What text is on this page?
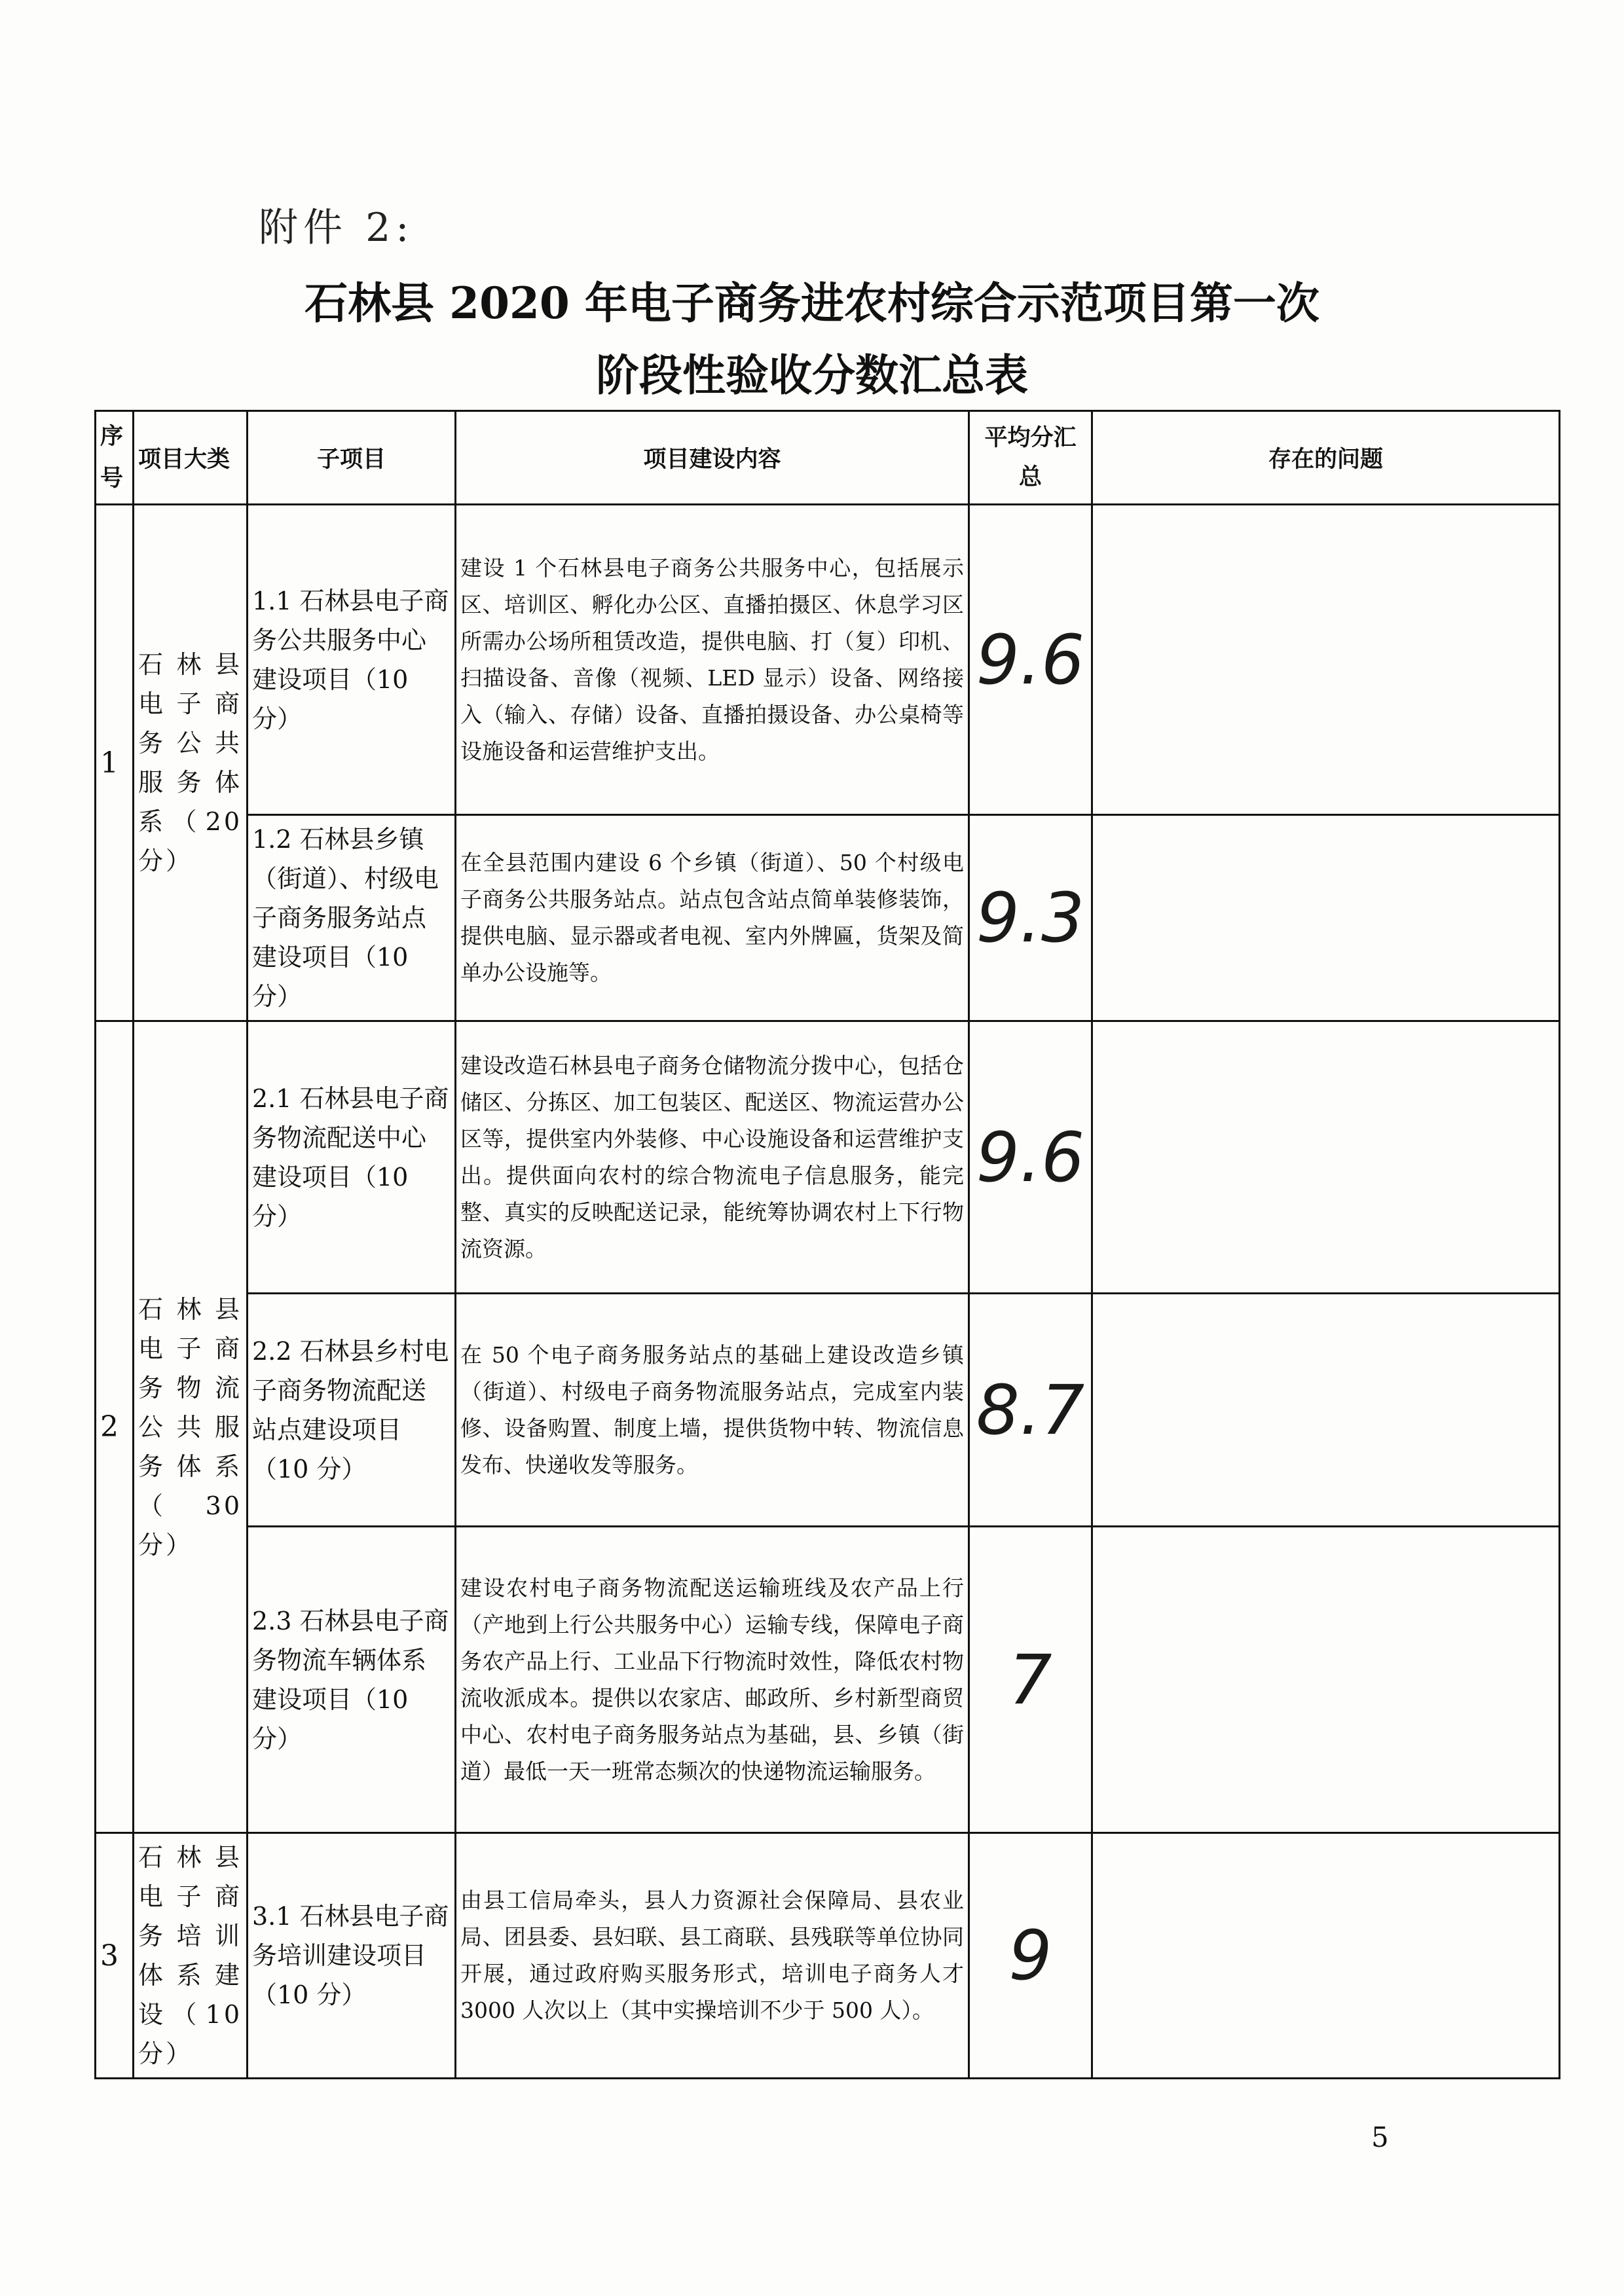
附件 2:
石林县 2020 年电子商务进农村综合示范项目第一次
阶段性验收分数汇总表
序号	项目大类	子项目	项目建设内容	平均分汇总	存在的问题
1	石林县电子商务公共服务体系（20分）	1.1 石林县电子商务公共服务中心建设项目（10 分）	建设 1 个石林县电子商务公共服务中心，包括展示区、培训区、孵化办公区、直播拍摄区、休息学习区所需办公场所租赁改造，提供电脑、打（复）印机、扫描设备、音像（视频、LED 显示）设备、网络接入（输入、存储）设备、直播拍摄设备、办公桌椅等设施设备和运营维护支出。	9.6	
		1.2 石林县乡镇（街道）、村级电子商务服务站点建设项目（10 分）	在全县范围内建设 6 个乡镇（街道）、50 个村级电子商务公共服务站点。站点包含站点简单装修装饰，提供电脑、显示器或者电视、室内外牌匾，货架及简单办公设施等。	9.3	
2	石林县电子商务物流公共服务体系（30分）	2.1 石林县电子商务物流配送中心建设项目（10 分）	建设改造石林县电子商务仓储物流分拨中心，包括仓储区、分拣区、加工包装区、配送区、物流运营办公区等，提供室内外装修、中心设施设备和运营维护支出。提供面向农村的综合物流电子信息服务，能完整、真实的反映配送记录，能统筹协调农村上下行物流资源。	9.6	
		2.2 石林县乡村电子商务物流配送站点建设项目（10 分）	在 50 个电子商务服务站点的基础上建设改造乡镇（街道）、村级电子商务物流服务站点，完成室内装修、设备购置、制度上墙，提供货物中转、物流信息发布、快递收发等服务。	8.7	
		2.3 石林县电子商务物流车辆体系建设项目（10 分）	建设农村电子商务物流配送运输班线及农产品上行（产地到上行公共服务中心）运输专线，保障电子商务农产品上行、工业品下行物流时效性，降低农村物流收派成本。提供以农家店、邮政所、乡村新型商贸中心、农村电子商务服务站点为基础，县、乡镇（街道）最低一天一班常态频次的快递物流运输服务。	7	
3	石林县电子商务培训体系建设（10分）	3.1 石林县电子商务培训建设项目（10 分）	由县工信局牵头，县人力资源社会保障局、县农业局、团县委、县妇联、县工商联、县残联等单位协同开展，通过政府购买服务形式，培训电子商务人才 3000 人次以上（其中实操培训不少于 500 人）。	9	
5
